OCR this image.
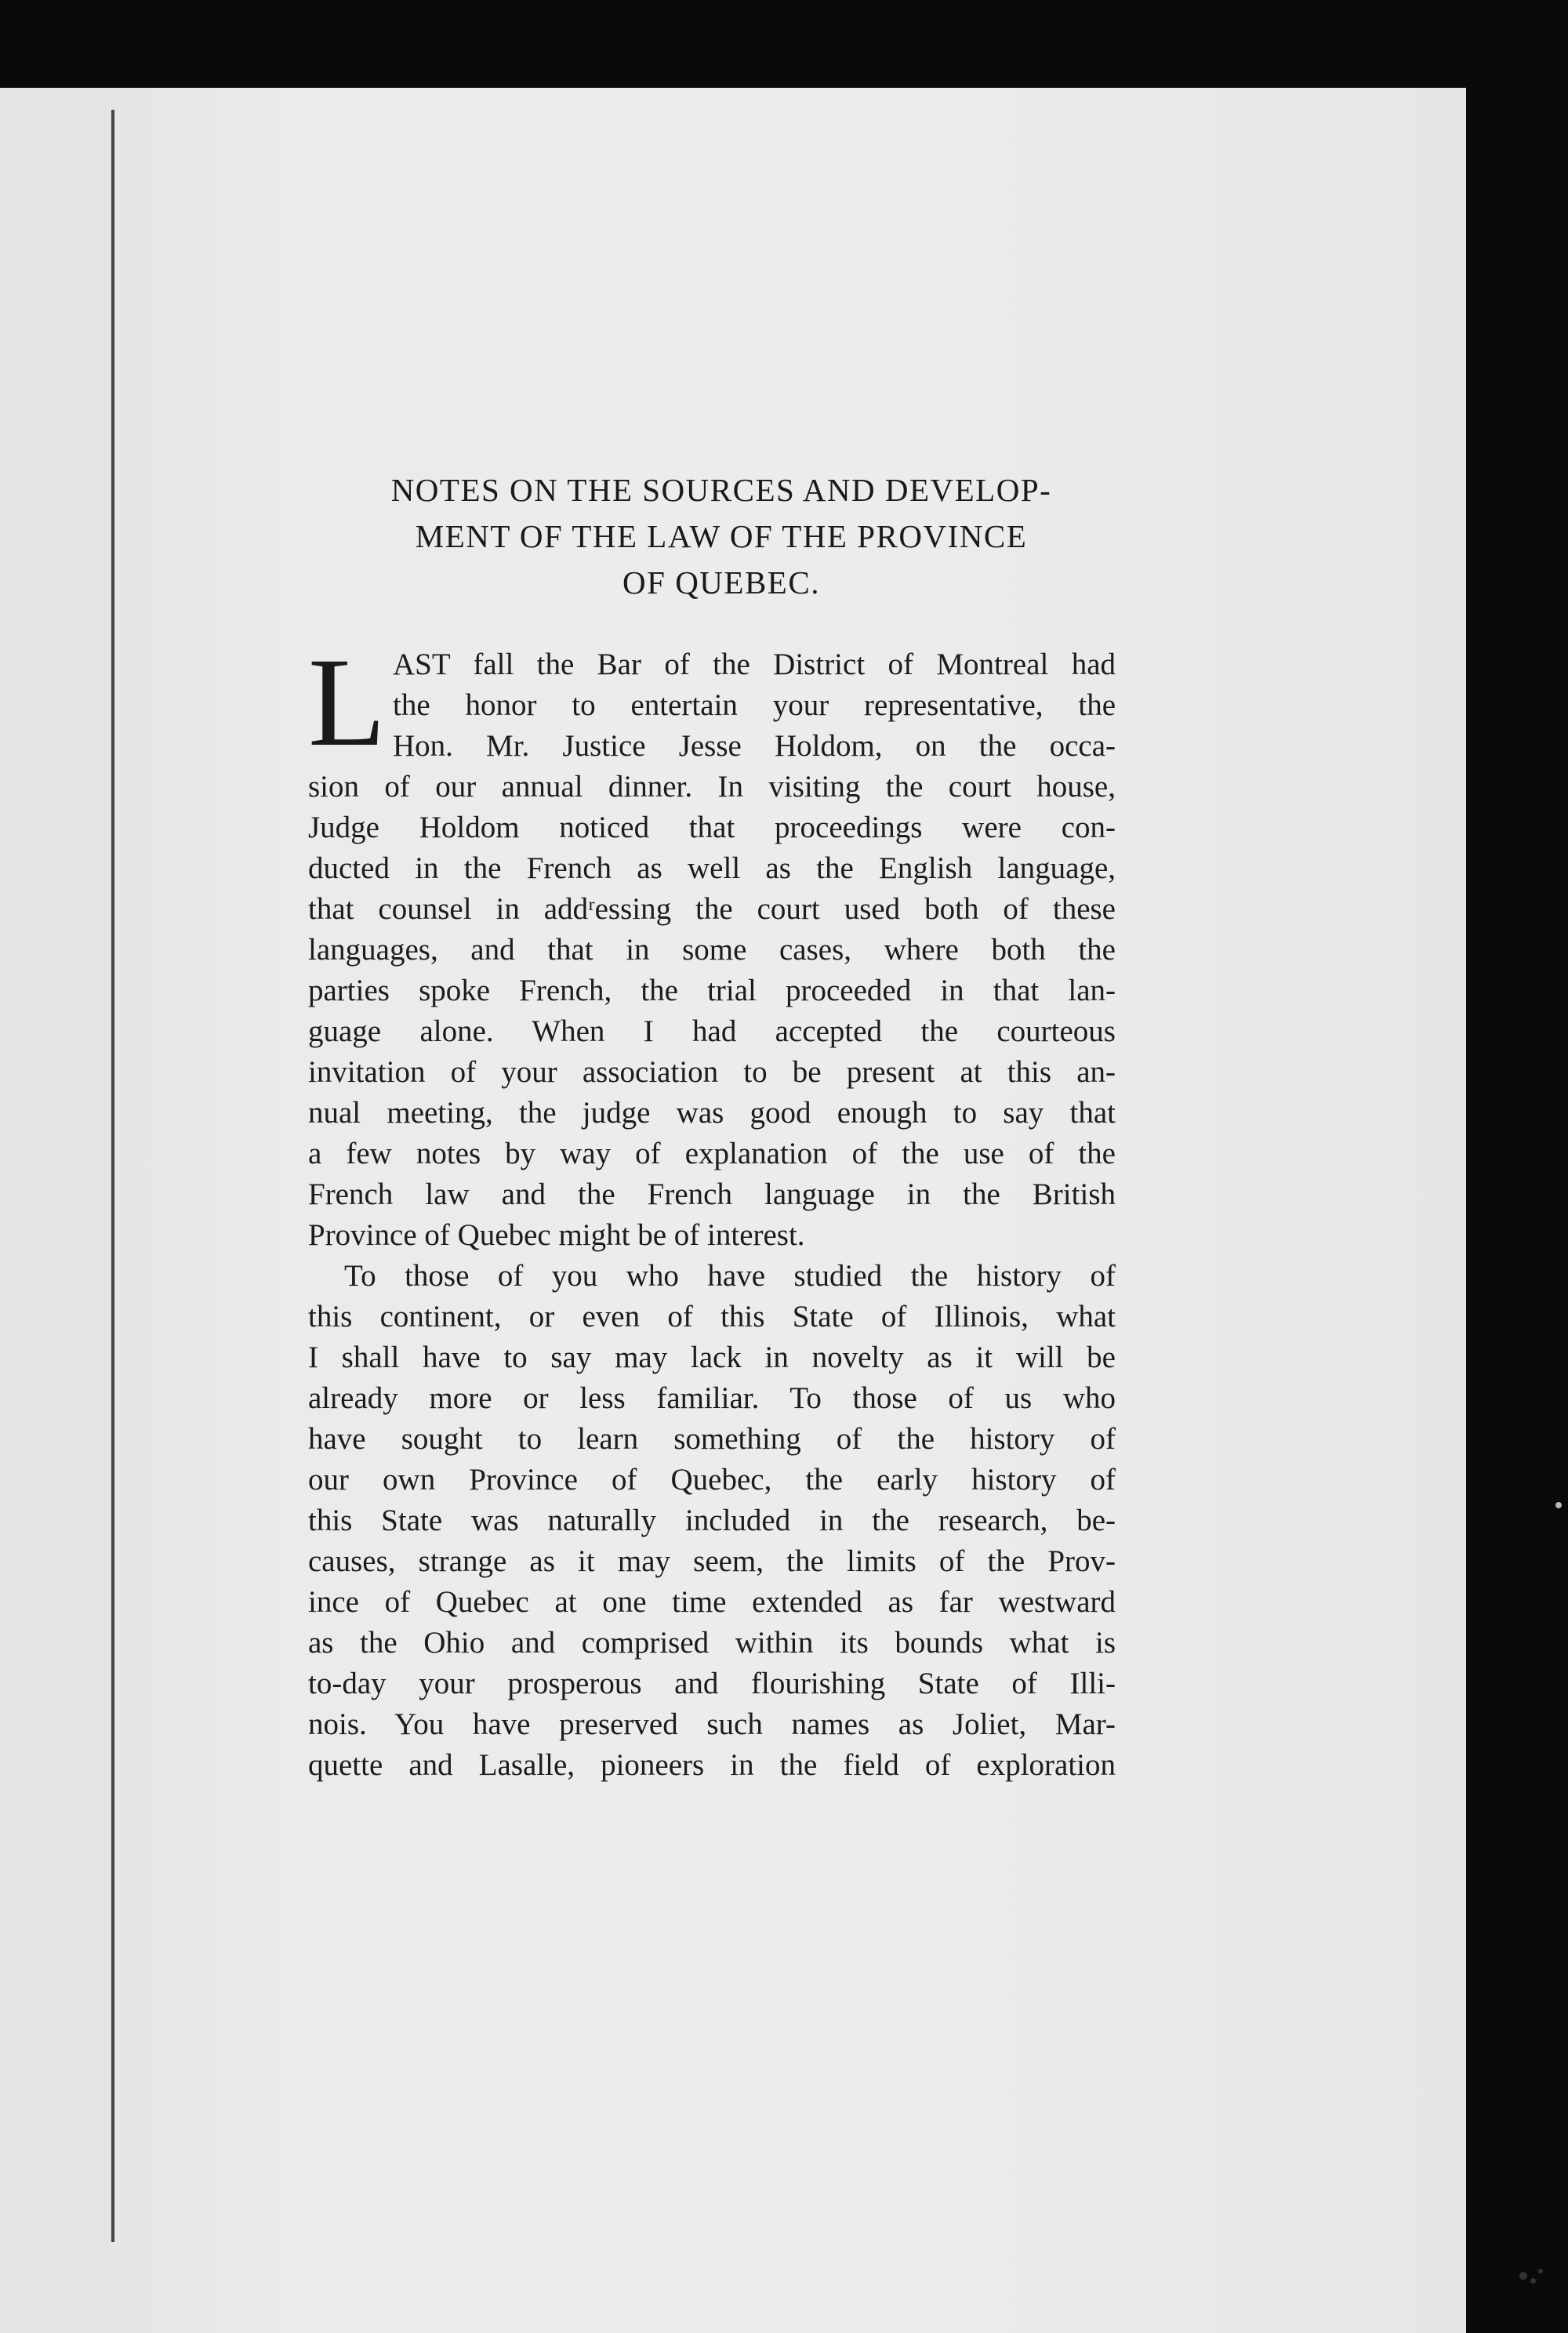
NOTES ON THE SOURCES AND DEVELOP-
MENT OF THE LAW OF THE PROVINCE
OF QUEBEC.
L AST fall the Bar of the District of Montreal had
the honor to entertain your representative, the
Hon. Mr. Justice Jesse Holdom, on the occa-
sion of our annual dinner. In visiting the court house,
Judge Holdom noticed that proceedings were con-
ducted in the French as well as the English language,
that counsel in addʳessing the court used both of these
languages, and that in some cases, where both the
parties spoke French, the trial proceeded in that lan-
guage alone. When I had accepted the courteous
invitation of your association to be present at this an-
nual meeting, the judge was good enough to say that
a few notes by way of explanation of the use of the
French law and the French language in the British
Province of Quebec might be of interest.
To those of you who have studied the history of
this continent, or even of this State of Illinois, what
I shall have to say may lack in novelty as it will be
already more or less familiar. To those of us who
have sought to learn something of the history of
our own Province of Quebec, the early history of
this State was naturally included in the research, be-
causes, strange as it may seem, the limits of the Prov-
ince of Quebec at one time extended as far westward
as the Ohio and comprised within its bounds what is
to-day your prosperous and flourishing State of Illi-
nois. You have preserved such names as Joliet, Mar-
quette and Lasalle, pioneers in the field of exploration
